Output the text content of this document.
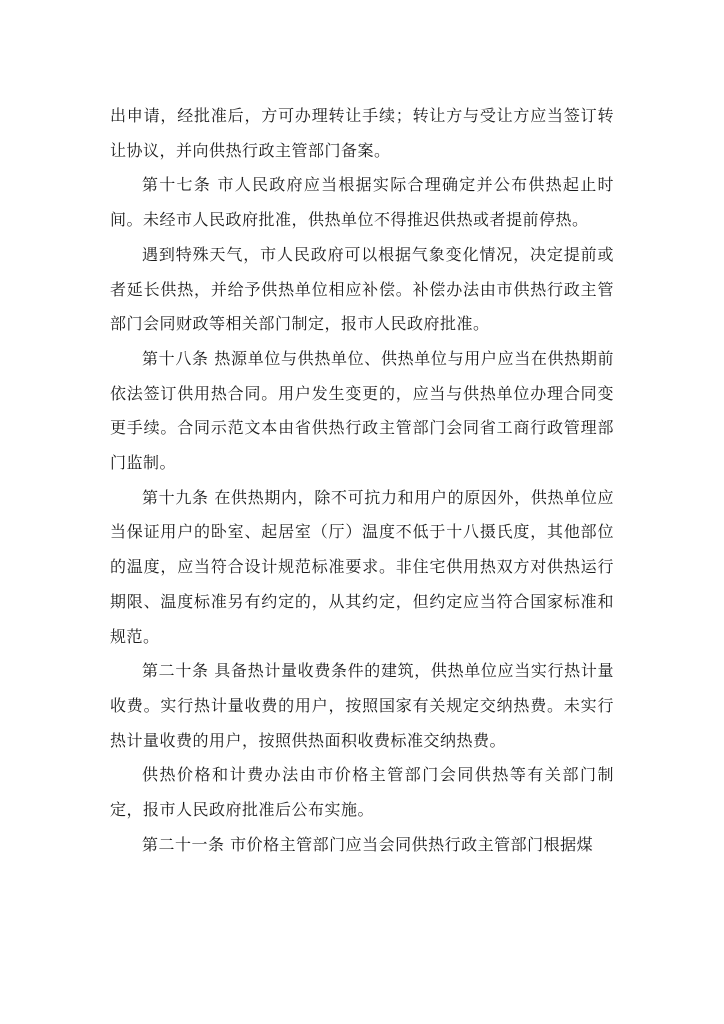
出申请，经批准后，方可办理转让手续；转让方与受让方应当签订转让协议，并向供热行政主管部门备案。

第十七条 市人民政府应当根据实际合理确定并公布供热起止时间。未经市人民政府批准，供热单位不得推迟供热或者提前停热。

遇到特殊天气，市人民政府可以根据气象变化情况，决定提前或者延长供热，并给予供热单位相应补偿。补偿办法由市供热行政主管部门会同财政等相关部门制定，报市人民政府批准。

第十八条 热源单位与供热单位、供热单位与用户应当在供热期前依法签订供用热合同。用户发生变更的，应当与供热单位办理合同变更手续。合同示范文本由省供热行政主管部门会同省工商行政管理部门监制。

第十九条 在供热期内，除不可抗力和用户的原因外，供热单位应当保证用户的卧室、起居室（厅）温度不低于十八摄氏度，其他部位的温度，应当符合设计规范标准要求。非住宅供用热双方对供热运行期限、温度标准另有约定的，从其约定，但约定应当符合国家标准和规范。

第二十条 具备热计量收费条件的建筑，供热单位应当实行热计量收费。实行热计量收费的用户，按照国家有关规定交纳热费。未实行热计量收费的用户，按照供热面积收费标准交纳热费。

供热价格和计费办法由市价格主管部门会同供热等有关部门制定，报市人民政府批准后公布实施。

第二十一条 市价格主管部门应当会同供热行政主管部门根据煤
